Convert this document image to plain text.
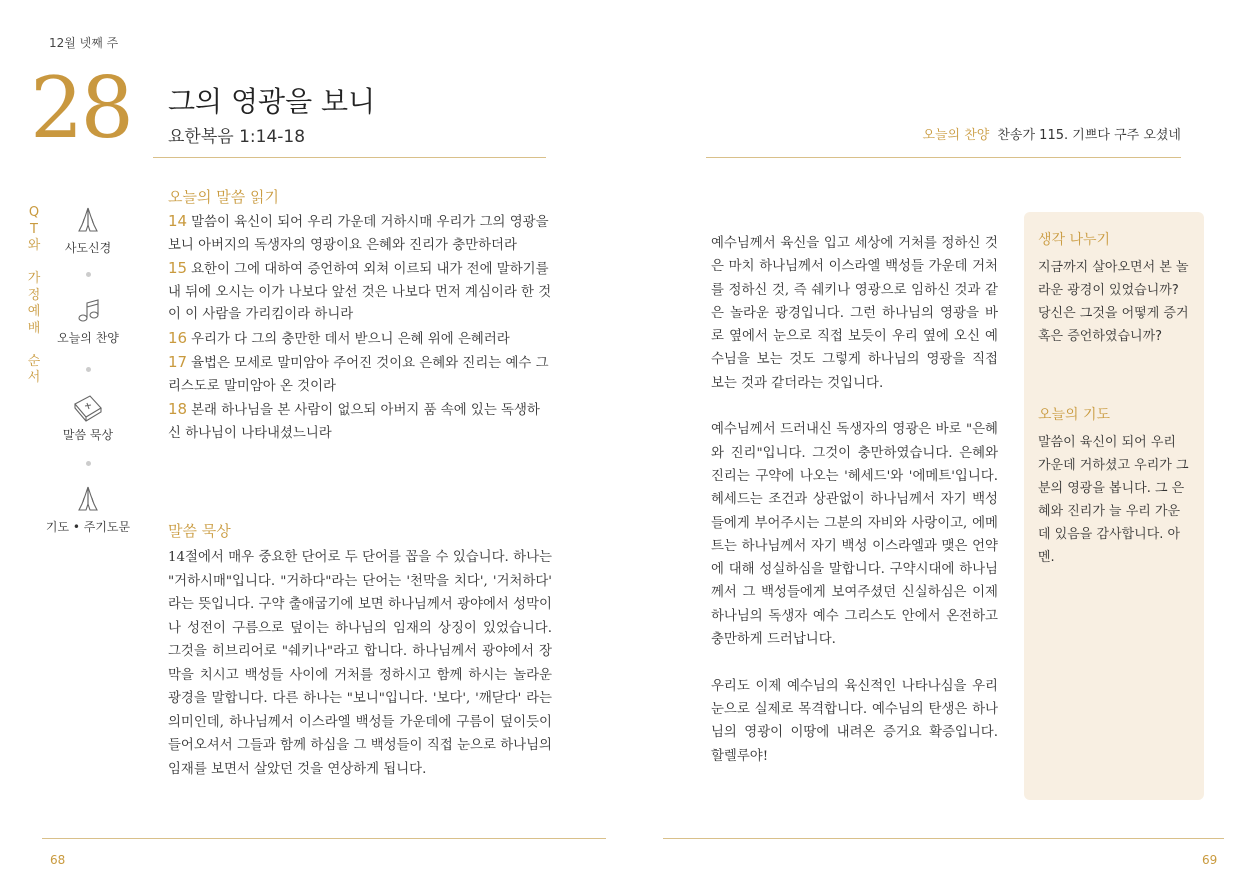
12월 넷째 주
28 그의 영광을 보니
요한복음 1:14-18
Q
T
와

가
정
예
배

순
서
사도신경
오늘의 찬양
말씀 묵상
기도 • 주기도문
오늘의 말씀 읽기

14 말씀이 육신이 되어 우리 가운데 거하시매 우리가 그의 영광을 보니 아버지의 독생자의 영광이요 은혜와 진리가 충만하더라

15 요한이 그에 대하여 증언하여 외쳐 이르되 내가 전에 말하기를 내 뒤에 오시는 이가 나보다 앞선 것은 나보다 먼저 계심이라 한 것이 이 사람을 가리킴이라 하니라

16 우리가 다 그의 충만한 데서 받으니 은혜 위에 은혜러라

17 율법은 모세로 말미암아 주어진 것이요 은혜와 진리는 예수 그리스도로 말미암아 온 것이라

18 본래 하나님을 본 사람이 없으되 아버지 품 속에 있는 독생하신 하나님이 나타내셨느니라

말씀 묵상

14절에서 매우 중요한 단어로 두 단어를 꼽을 수 있습니다. 하나는 "거하시매"입니다. "거하다"라는 단어는 '천막을 치다', '거처하다' 라는 뜻입니다. 구약 출애굽기에 보면 하나님께서 광야에서 성막이나 성전이 구름으로 덮이는 하나님의 임재의 상징이 있었습니다. 그것을 히브리어로 "쉐키나"라고 합니다. 하나님께서 광야에서 장막을 치시고 백성들 사이에 거처를 정하시고 함께 하시는 놀라운 광경을 말합니다. 다른 하나는 "보니"입니다. '보다', '깨닫다' 라는 의미인데, 하나님께서 이스라엘 백성들 가운데에 구름이 덮이듯이 들어오셔서 그들과 함께 하심을 그 백성들이 직접 눈으로 하나님의 임재를 보면서 살았던 것을 연상하게 됩니다.

68
오늘의 찬양 찬송가 115. 기쁘다 구주 오셨네

예수님께서 육신을 입고 세상에 거처를 정하신 것은 마치 하나님께서 이스라엘 백성들 가운데 거처를 정하신 것, 즉 쉐키나 영광으로 임하신 것과 같은 놀라운 광경입니다. 그런 하나님의 영광을 바로 옆에서 눈으로 직접 보듯이 우리 옆에 오신 예수님을 보는 것도 그렇게 하나님의 영광을 직접 보는 것과 같더라는 것입니다.

예수님께서 드러내신 독생자의 영광은 바로 "은혜와 진리"입니다. 그것이 충만하였습니다. 은혜와 진리는 구약에 나오는 '헤세드'와 '에메트'입니다. 헤세드는 조건과 상관없이 하나님께서 자기 백성들에게 부어주시는 그분의 자비와 사랑이고, 에메트는 하나님께서 자기 백성 이스라엘과 맺은 언약에 대해 성실하심을 말합니다. 구약시대에 하나님께서 그 백성들에게 보여주셨던 신실하심은 이제 하나님의 독생자 예수 그리스도 안에서 온전하고 충만하게 드러납니다.

우리도 이제 예수님의 육신적인 나타나심을 우리 눈으로 실제로 목격합니다. 예수님의 탄생은 하나님의 영광이 이땅에 내려온 증거요 확증입니다. 할렐루야!

생각 나누기
지금까지 살아오면서 본 놀라운 광경이 있었습니까? 당신은 그것을 어떻게 증거 혹은 증언하였습니까?
오늘의 기도
말씀이 육신이 되어 우리 가운데 거하셨고 우리가 그분의 영광을 봅니다. 그 은혜와 진리가 늘 우리 가운데 있음을 감사합니다. 아멘.
69
